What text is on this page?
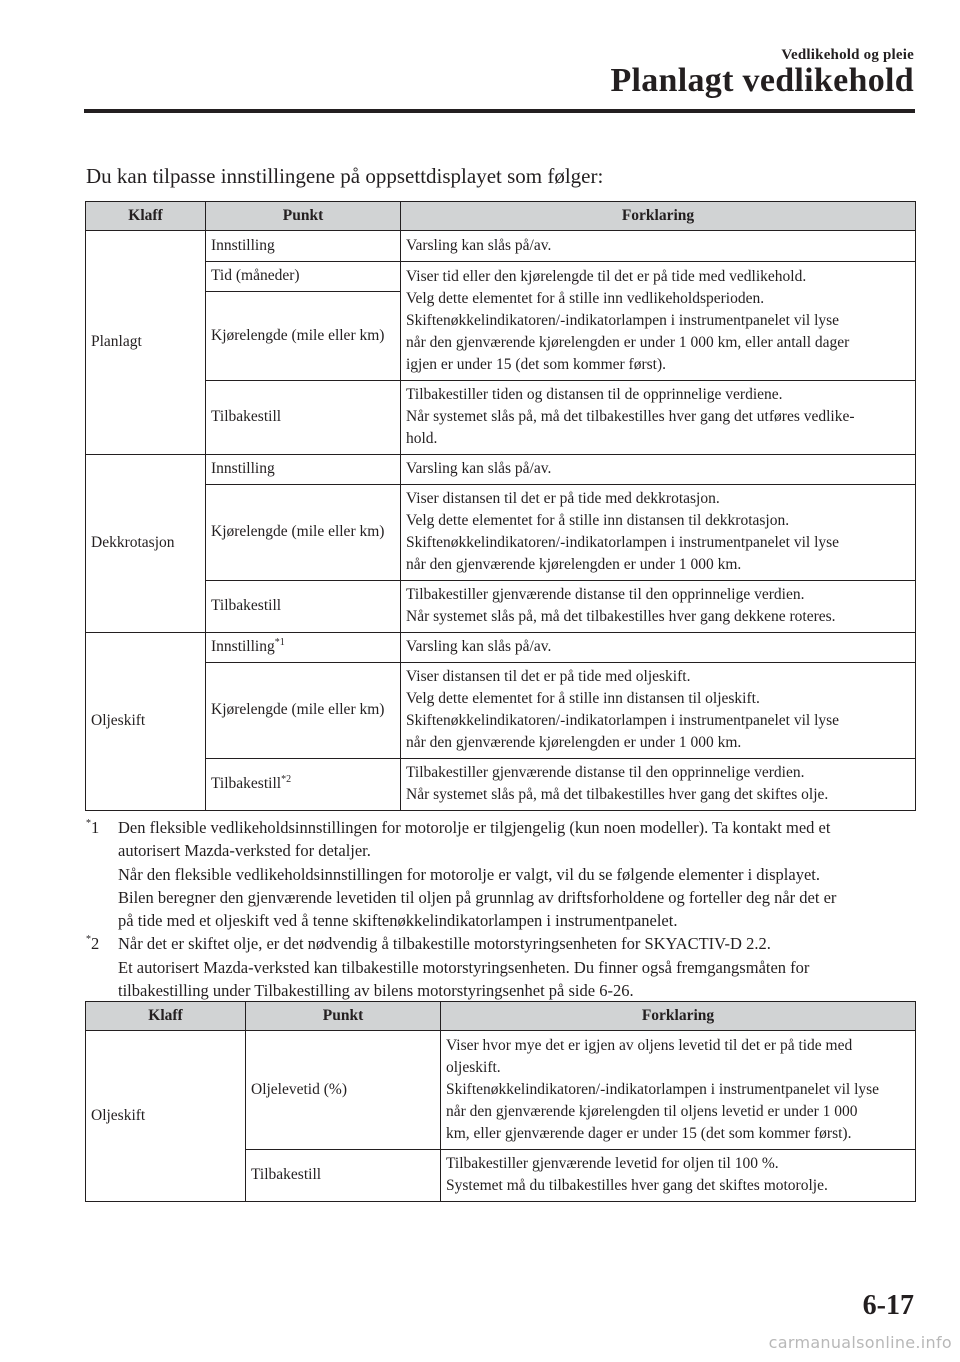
Vedlikehold og pleie
Planlagt vedlikehold
Du kan tilpasse innstillingene på oppsettdisplayet som følger:
Klaff	Punkt	Forklaring
Planlagt	Innstilling	Varsling kan slås på/av.
	Tid (måneder)	Viser tid eller den kjørelengde til det er på tide med vedlikehold.
Velg dette elementet for å stille inn vedlikeholdsperioden.
Skiftenøkkelindikatoren/-indikatorlampen i instrumentpanelet vil lyse
når den gjenværende kjørelengden er under 1 000 km, eller antall dager
igjen er under 15 (det som kommer først).

	Kjørelengde (mile eller km)	
	Tilbakestill	Tilbakestiller tiden og distansen til de opprinnelige verdiene.
Når systemet slås på, må det tilbakestilles hver gang det utføres vedlike-
hold.

Dekkrotasjon	Innstilling	Varsling kan slås på/av.
	Kjørelengde (mile eller km)	Viser distansen til det er på tide med dekkrotasjon.
Velg dette elementet for å stille inn distansen til dekkrotasjon.
Skiftenøkkelindikatoren/-indikatorlampen i instrumentpanelet vil lyse
når den gjenværende kjørelengden er under 1 000 km.

	Tilbakestill	Tilbakestiller gjenværende distanse til den opprinnelige verdien.
Når systemet slås på, må det tilbakestilles hver gang dekkene roteres.

Oljeskift	Innstilling$^{*1}$	Varsling kan slås på/av.
	Kjørelengde (mile eller km)	Viser distansen til det er på tide med oljeskift.
Velg dette elementet for å stille inn distansen til oljeskift.
Skiftenøkkelindikatoren/-indikatorlampen i instrumentpanelet vil lyse
når den gjenværende kjørelengden er under 1 000 km.

	Tilbakestill$^{*2}$	Tilbakestiller gjenværende distanse til den opprinnelige verdien.
Når systemet slås på, må det tilbakestilles hver gang det skiftes olje.
*1 Den fleksible vedlikeholdsinnstillingen for motorolje er tilgjengelig (kun noen modeller). Ta kontakt med et
autorisert Mazda-verksted for detaljer.
Når den fleksible vedlikeholdsinnstillingen for motorolje er valgt, vil du se følgende elementer i displayet.
Bilen beregner den gjenværende levetiden til oljen på grunnlag av driftsforholdene og forteller deg når det er
på tide med et oljeskift ved å tenne skiftenøkkelindikatorlampen i instrumentpanelet.
*2 Når det er skiftet olje, er det nødvendig å tilbakestille motorstyringsenheten for SKYACTIV-D 2.2.
Et autorisert Mazda-verksted kan tilbakestille motorstyringsenheten. Du finner også fremgangsmåten for
tilbakestilling under Tilbakestilling av bilens motorstyringsenhet på side 6-26.
Klaff	Punkt	Forklaring
Oljeskift	Oljelevetid (%)	Viser hvor mye det er igjen av oljens levetid til det er på tide med
oljeskift.
Skiftenøkkelindikatoren/-indikatorlampen i instrumentpanelet vil lyse
når den gjenværende kjørelengden til oljens levetid er under 1 000
km, eller gjenværende dager er under 15 (det som kommer først).

	Tilbakestill	Tilbakestiller gjenværende levetid for oljen til 100 %.
Systemet må du tilbakestilles hver gang det skiftes motorolje.
6-17
carmanualsonline.info
